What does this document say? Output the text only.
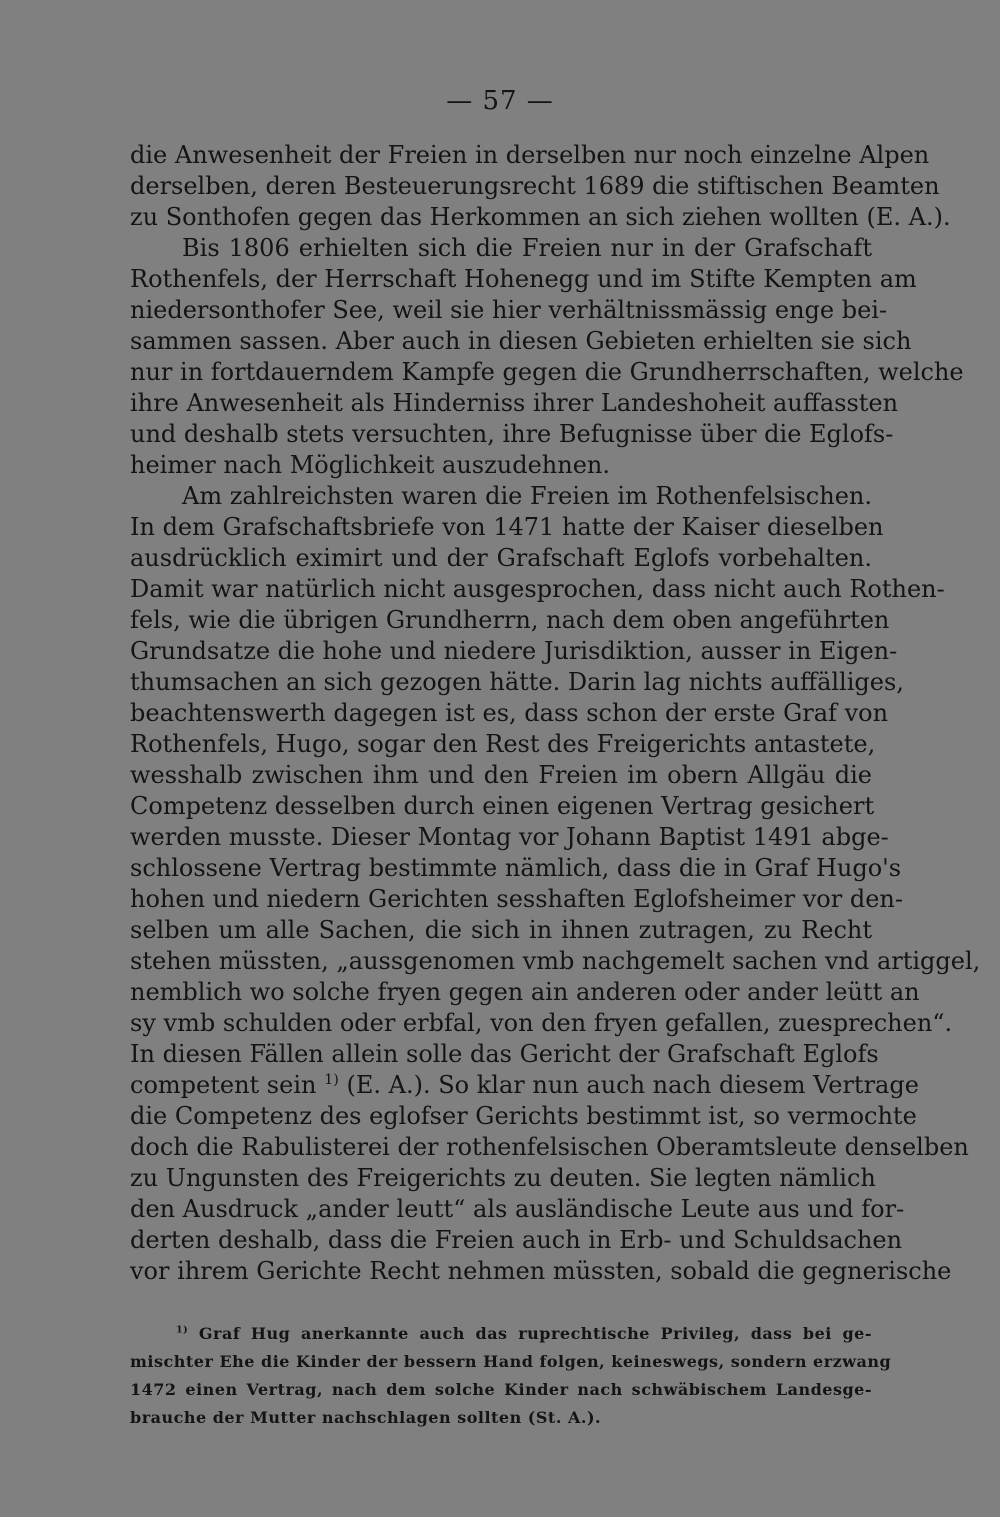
— 57 —
die Anwesenheit der Freien in derselben nur noch einzelne Alpen
derselben, deren Besteuerungsrecht 1689 die stiftischen Beamten
zu Sonthofen gegen das Herkommen an sich ziehen wollten (E. A.).
Bis 1806 erhielten sich die Freien nur in der Grafschaft
Rothenfels, der Herrschaft Hohenegg und im Stifte Kempten am
niedersonthofer See, weil sie hier verhältnissmässig enge bei-
sammen sassen. Aber auch in diesen Gebieten erhielten sie sich
nur in fortdauerndem Kampfe gegen die Grundherrschaften, welche
ihre Anwesenheit als Hinderniss ihrer Landeshoheit auffassten
und deshalb stets versuchten, ihre Befugnisse über die Eglofs-
heimer nach Möglichkeit auszudehnen.
Am zahlreichsten waren die Freien im Rothenfelsischen.
In dem Grafschaftsbriefe von 1471 hatte der Kaiser dieselben
ausdrücklich eximirt und der Grafschaft Eglofs vorbehalten.
Damit war natürlich nicht ausgesprochen, dass nicht auch Rothen-
fels, wie die übrigen Grundherrn, nach dem oben angeführten
Grundsatze die hohe und niedere Jurisdiktion, ausser in Eigen-
thumsachen an sich gezogen hätte. Darin lag nichts auffälliges,
beachtenswerth dagegen ist es, dass schon der erste Graf von
Rothenfels, Hugo, sogar den Rest des Freigerichts antastete,
wesshalb zwischen ihm und den Freien im obern Allgäu die
Competenz desselben durch einen eigenen Vertrag gesichert
werden musste. Dieser Montag vor Johann Baptist 1491 abge-
schlossene Vertrag bestimmte nämlich, dass die in Graf Hugo's
hohen und niedern Gerichten sesshaften Eglofsheimer vor den-
selben um alle Sachen, die sich in ihnen zutragen, zu Recht
stehen müssten, „aussgenomen vmb nachgemelt sachen vnd artiggel,
nemblich wo solche fryen gegen ain anderen oder ander leütt an
sy vmb schulden oder erbfal, von den fryen gefallen, zuesprechen“.
In diesen Fällen allein solle das Gericht der Grafschaft Eglofs
competent sein $^{1)}$ (E. A.). So klar nun auch nach diesem Vertrage
die Competenz des eglofser Gerichts bestimmt ist, so vermochte
doch die Rabulisterei der rothenfelsischen Oberamtsleute denselben
zu Ungunsten des Freigerichts zu deuten. Sie legten nämlich
den Ausdruck „ander leutt“ als ausländische Leute aus und for-
derten deshalb, dass die Freien auch in Erb- und Schuldsachen
vor ihrem Gerichte Recht nehmen müssten, sobald die gegnerische
$^{1)}$ Graf Hug anerkannte auch das ruprechtische Privileg, dass bei ge-
mischter Ehe die Kinder der bessern Hand folgen, keineswegs, sondern erzwang
1472 einen Vertrag, nach dem solche Kinder nach schwäbischem Landesge-
brauche der Mutter nachschlagen sollten (St. A.).
